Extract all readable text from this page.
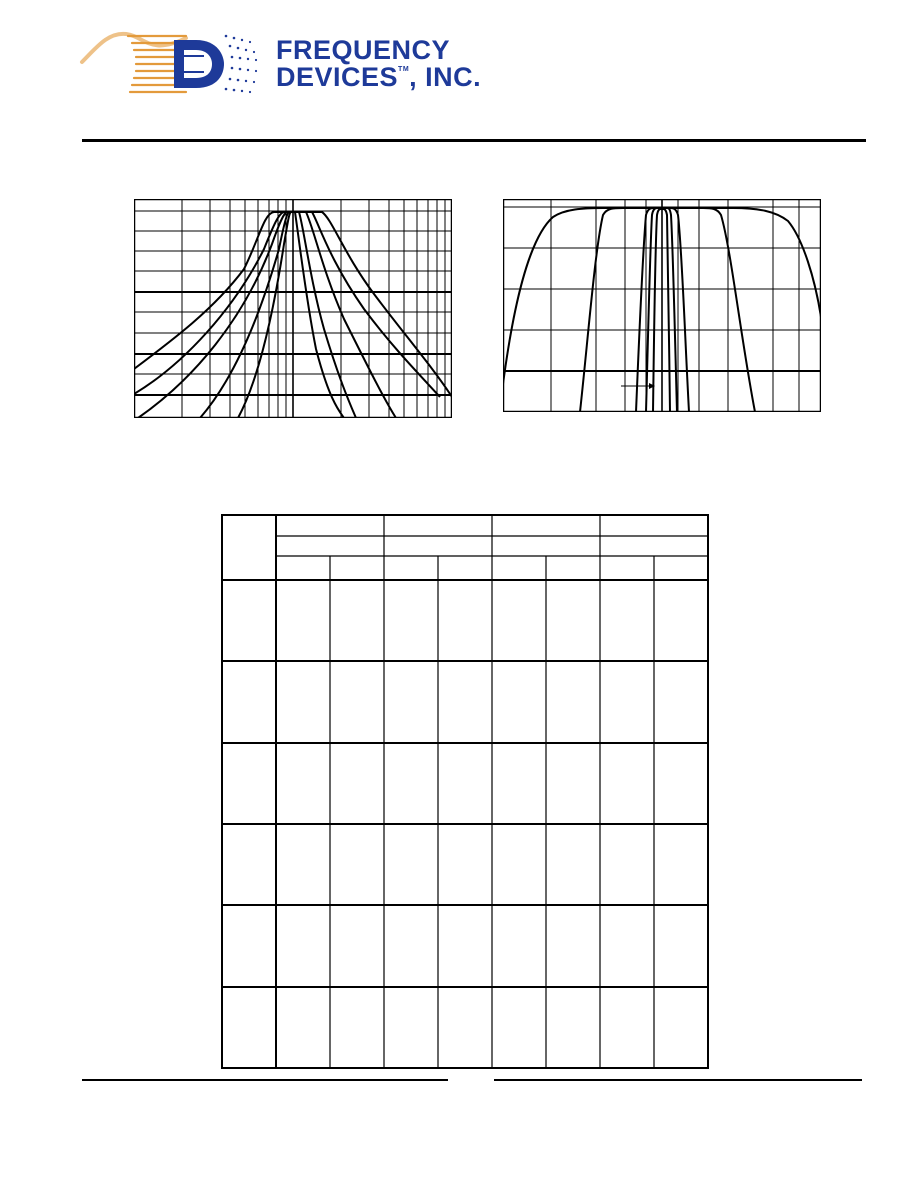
FREQUENCY
DEVICES™, INC.
